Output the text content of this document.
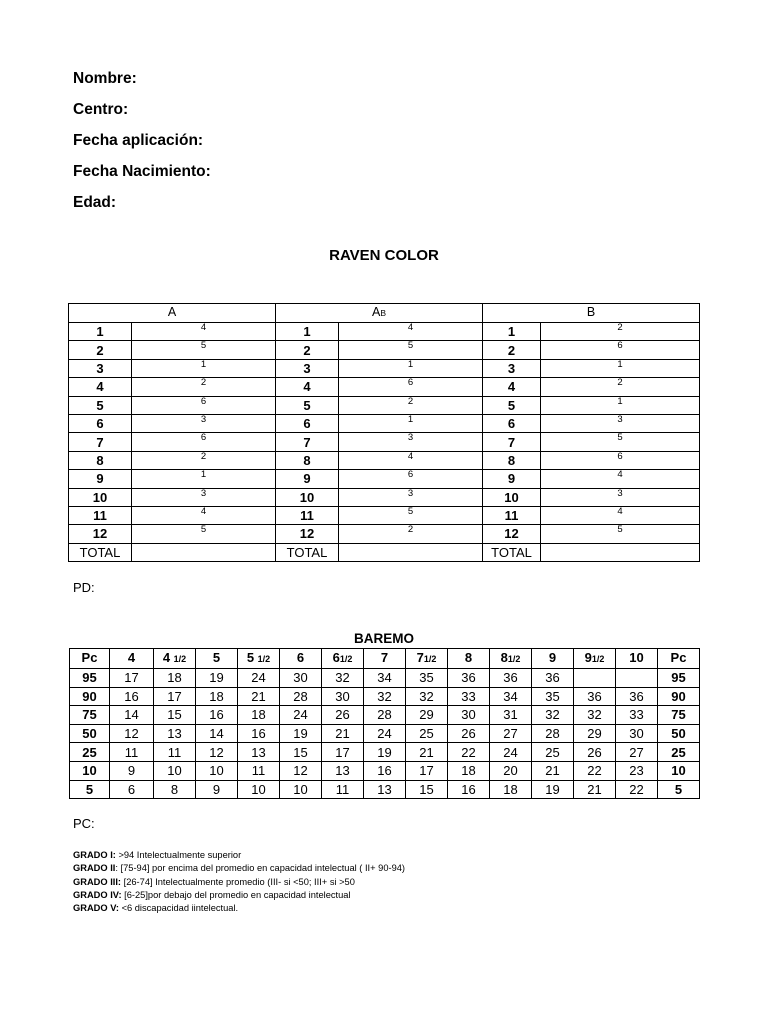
Nombre:
Centro:
Fecha aplicación:
Fecha Nacimiento:
Edad:
RAVEN COLOR
A		AB		B	
1	4	1	4	1	2
2	5	2	5	2	6
3	1	3	1	3	1
4	2	4	6	4	2
5	6	5	2	5	1
6	3	6	1	6	3
7	6	7	3	7	5
8	2	8	4	8	6
9	1	9	6	9	4
10	3	10	3	10	3
11	4	11	5	11	4
12	5	12	2	12	5
TOTAL		TOTAL		TOTAL	
PD:
BAREMO
Pc	4	4 1/2	5	5 1/2	6	61/2	7	71/2	8	81/2	9	91/2	10	Pc
95	17	18	19	24	30	32	34	35	36	36	36			95
90	16	17	18	21	28	30	32	32	33	34	35	36	36	90
75	14	15	16	18	24	26	28	29	30	31	32	32	33	75
50	12	13	14	16	19	21	24	25	26	27	28	29	30	50
25	11	11	12	13	15	17	19	21	22	24	25	26	27	25
10	9	10	10	11	12	13	16	17	18	20	21	22	23	10
5	6	8	9	10	10	11	13	15	16	18	19	21	22	5
PC:
GRADO I: >94 Intelectualmente superior
GRADO II: [75-94] por encima del promedio en capacidad intelectual ( II+ 90-94)
GRADO III: [26-74] Intelectualmente promedio (III- si <50; III+ si >50
GRADO IV: [6-25]por debajo del promedio en capacidad intelectual
GRADO V: <6 discapacidad iintelectual.
